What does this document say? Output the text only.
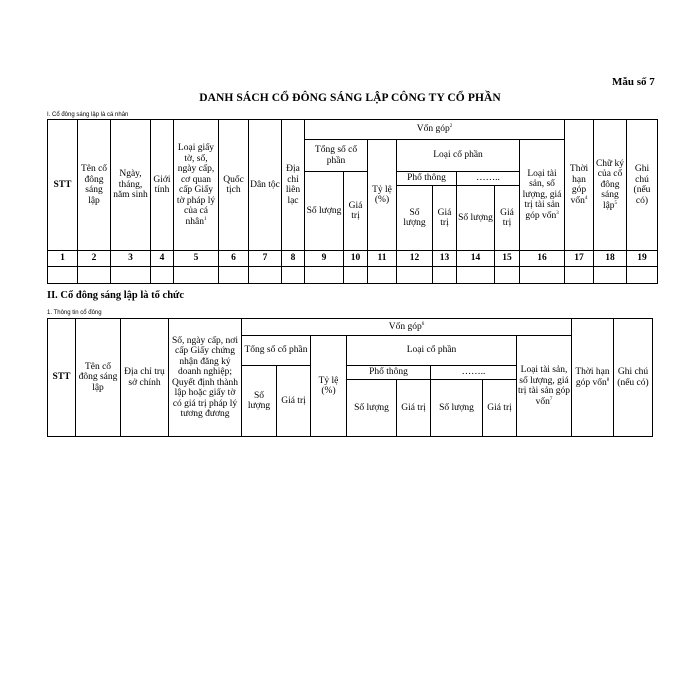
Mẫu số 7
DANH SÁCH CỔ ĐÔNG SÁNG LẬP CÔNG TY CỔ PHẦN
I. Cổ đông sáng lập là cá nhân
STT	Tên cổ đông sáng lập	Ngày, tháng, năm sinh	Giới tính	Loại giấy tờ, số, ngày cấp, cơ quan cấp Giấy tờ pháp lý của cá nhân$^1$	Quốc tịch	Dân tộc	Địa chỉ liên lạc	Vốn góp$^2$								Thời hạn góp vốn$^4$	Chữ ký của cổ đông sáng lập$^5$	Ghi chú (nếu có)
								Tổng số cổ phần		Tỷ lệ (%)	Loại cổ phần				Loại tài sản, số lượng, giá trị tài sản góp vốn$^3$
								Số lượng	Giá trị		Phổ thông		……..					
											Số lượng	Giá trị	Số lượng	Giá trị				

1	2	3	4	5	6	7	8	9	10	11	12	13	14	15	16	17	18	19

II. Cổ đông sáng lập là tổ chức
1. Thông tin cổ đông
STT	Tên cổ đông sáng lập	Địa chỉ trụ sở chính	Số, ngày cấp, nơi cấp Giấy chứng nhận đăng ký doanh nghiệp; Quyết định thành lập hoặc giấy tờ có giá trị pháp lý tương đương	Vốn góp$^6$								Thời hạn góp vốn$^8$	Ghi chú (nếu có)
				Tổng số cổ phần		Tỷ lệ (%)	Loại cổ phần				Loại tài sản, số lượng, giá trị tài sản góp vốn$^7$
				Số lượng	Giá trị		Phổ thông		……..				
							Số lượng	Giá trị	Số lượng	Giá trị			
